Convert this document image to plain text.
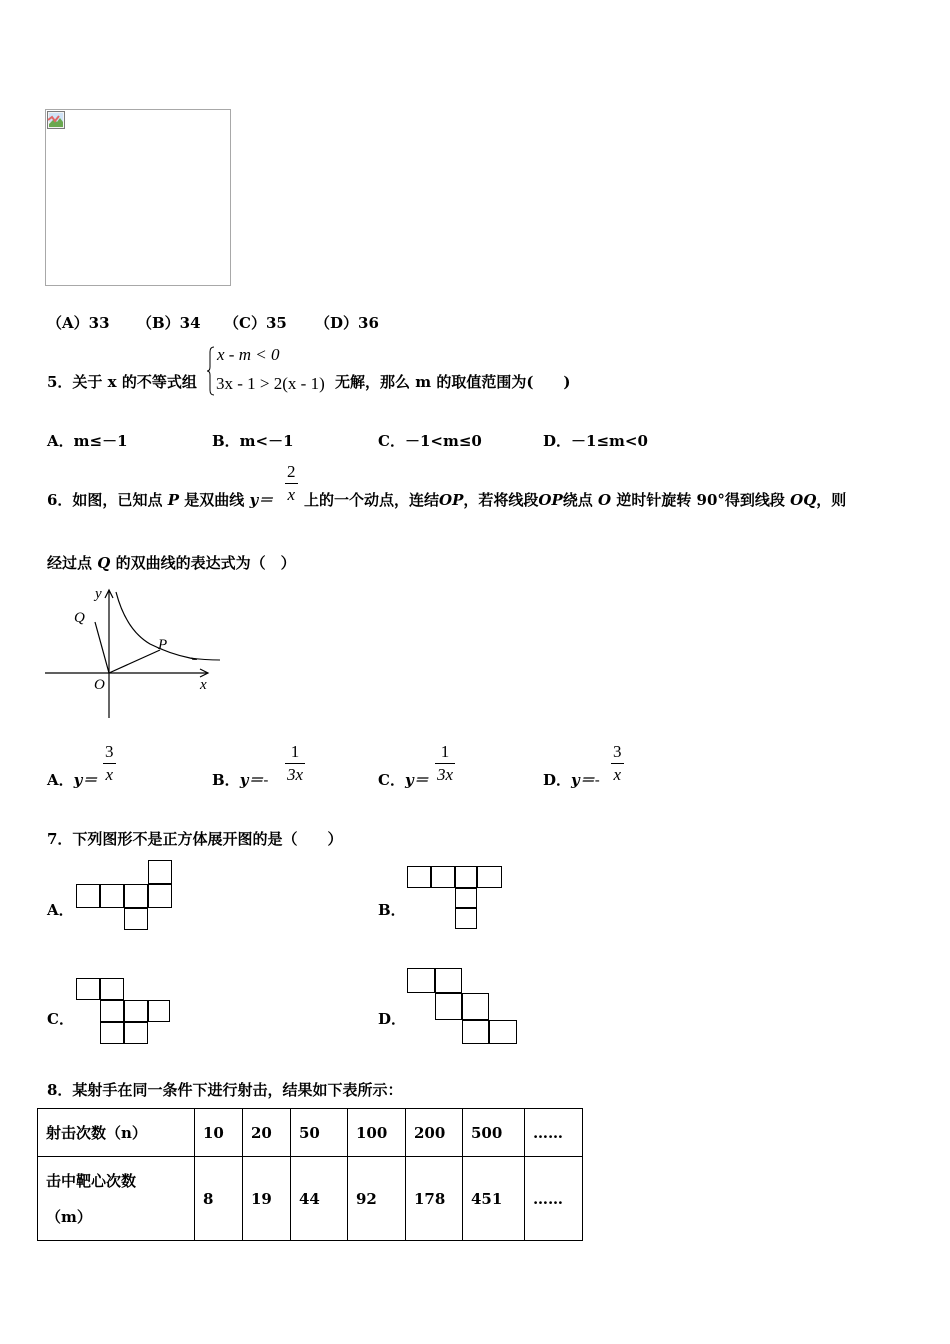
（A）33 （B）34 （C）35 （D）36
5．关于 x 的不等式组
x - m < 0
3x - 1 > 2(x - 1) 无解，那么 m 的取值范围为(　　)
A．m≤－1	B．m<－1	C．－1<m≤0	D．－1≤m<0
6．如图，已知点 P 是双曲线 y＝
2
x 上的一个动点，连结OP，若将线段OP绕点 O 逆时针旋转 90°得到线段 OQ，则
经过点 Q 的双曲线的表达式为（　）
y
Q
P
O	x
A．y＝
3
x	B．y＝-
1
3x	C．y＝
1
3x	D．y＝-
3
x
7．下列图形不是正方体展开图的是（　　）
A．	B．
C．	D．
8．某射手在同一条件下进行射击，结果如下表所示：
射击次数（n）	10	20	50	100	200	500	……

击中靶心次数
（m）	8	19	44	92	178	451	……
